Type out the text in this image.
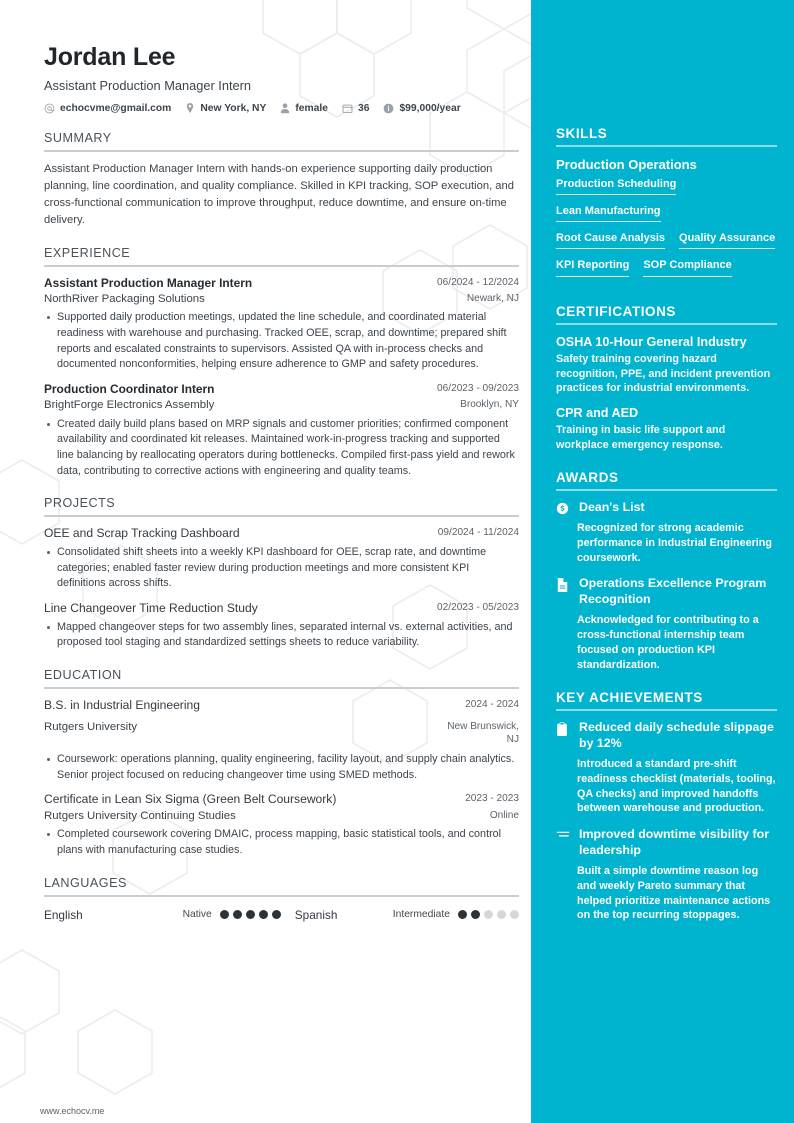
Jordan Lee
Assistant Production Manager Intern
echocvme@gmail.com	New York, NY	female	36	$99,000/year
SUMMARY
Assistant Production Manager Intern with hands-on experience supporting daily production planning, line coordination, and quality compliance. Skilled in KPI tracking, SOP execution, and cross-functional communication to improve throughput, reduce downtime, and ensure on-time delivery.
EXPERIENCE
Assistant Production Manager Intern	06/2024 - 12/2024
NorthRiver Packaging Solutions	Newark, NJ
Supported daily production meetings, updated the line schedule, and coordinated material readiness with warehouse and purchasing. Tracked OEE, scrap, and downtime; prepared shift reports and escalated constraints to supervisors. Assisted QA with in-process checks and documented nonconformities, helping ensure adherence to GMP and safety procedures.
Production Coordinator Intern	06/2023 - 09/2023
BrightForge Electronics Assembly	Brooklyn, NY
Created daily build plans based on MRP signals and customer priorities; confirmed component availability and coordinated kit releases. Maintained work-in-progress tracking and supported line balancing by reallocating operators during bottlenecks. Compiled first-pass yield and rework data, contributing to corrective actions with engineering and quality teams.
PROJECTS
OEE and Scrap Tracking Dashboard	09/2024 - 11/2024
Consolidated shift sheets into a weekly KPI dashboard for OEE, scrap rate, and downtime categories; enabled faster review during production meetings and more consistent KPI definitions across shifts.
Line Changeover Time Reduction Study	02/2023 - 05/2023
Mapped changeover steps for two assembly lines, separated internal vs. external activities, and proposed tool staging and standardized settings sheets to reduce variability.
EDUCATION
B.S. in Industrial Engineering	2024 - 2024
Rutgers University	New Brunswick, NJ
Coursework: operations planning, quality engineering, facility layout, and supply chain analytics. Senior project focused on reducing changeover time using SMED methods.
Certificate in Lean Six Sigma (Green Belt Coursework)	2023 - 2023
Rutgers University Continuing Studies	Online
Completed coursework covering DMAIC, process mapping, basic statistical tools, and control plans with manufacturing case studies.
LANGUAGES
English	Native	Spanish	Intermediate
SKILLS
Production Operations
Production Scheduling
Lean Manufacturing
Root Cause Analysis Quality Assurance
KPI Reporting SOP Compliance
CERTIFICATIONS
OSHA 10-Hour General Industry
Safety training covering hazard recognition, PPE, and incident prevention practices for industrial environments.
CPR and AED
Training in basic life support and workplace emergency response.
AWARDS
Dean's List
Recognized for strong academic performance in Industrial Engineering coursework.
Operations Excellence Program Recognition
Acknowledged for contributing to a cross-functional internship team focused on production KPI standardization.
KEY ACHIEVEMENTS
Reduced daily schedule slippage by 12%
Introduced a standard pre-shift readiness checklist (materials, tooling, QA checks) and improved handoffs between warehouse and production.
Improved downtime visibility for leadership
Built a simple downtime reason log and weekly Pareto summary that helped prioritize maintenance actions on the top recurring stoppages.
www.echocv.me
